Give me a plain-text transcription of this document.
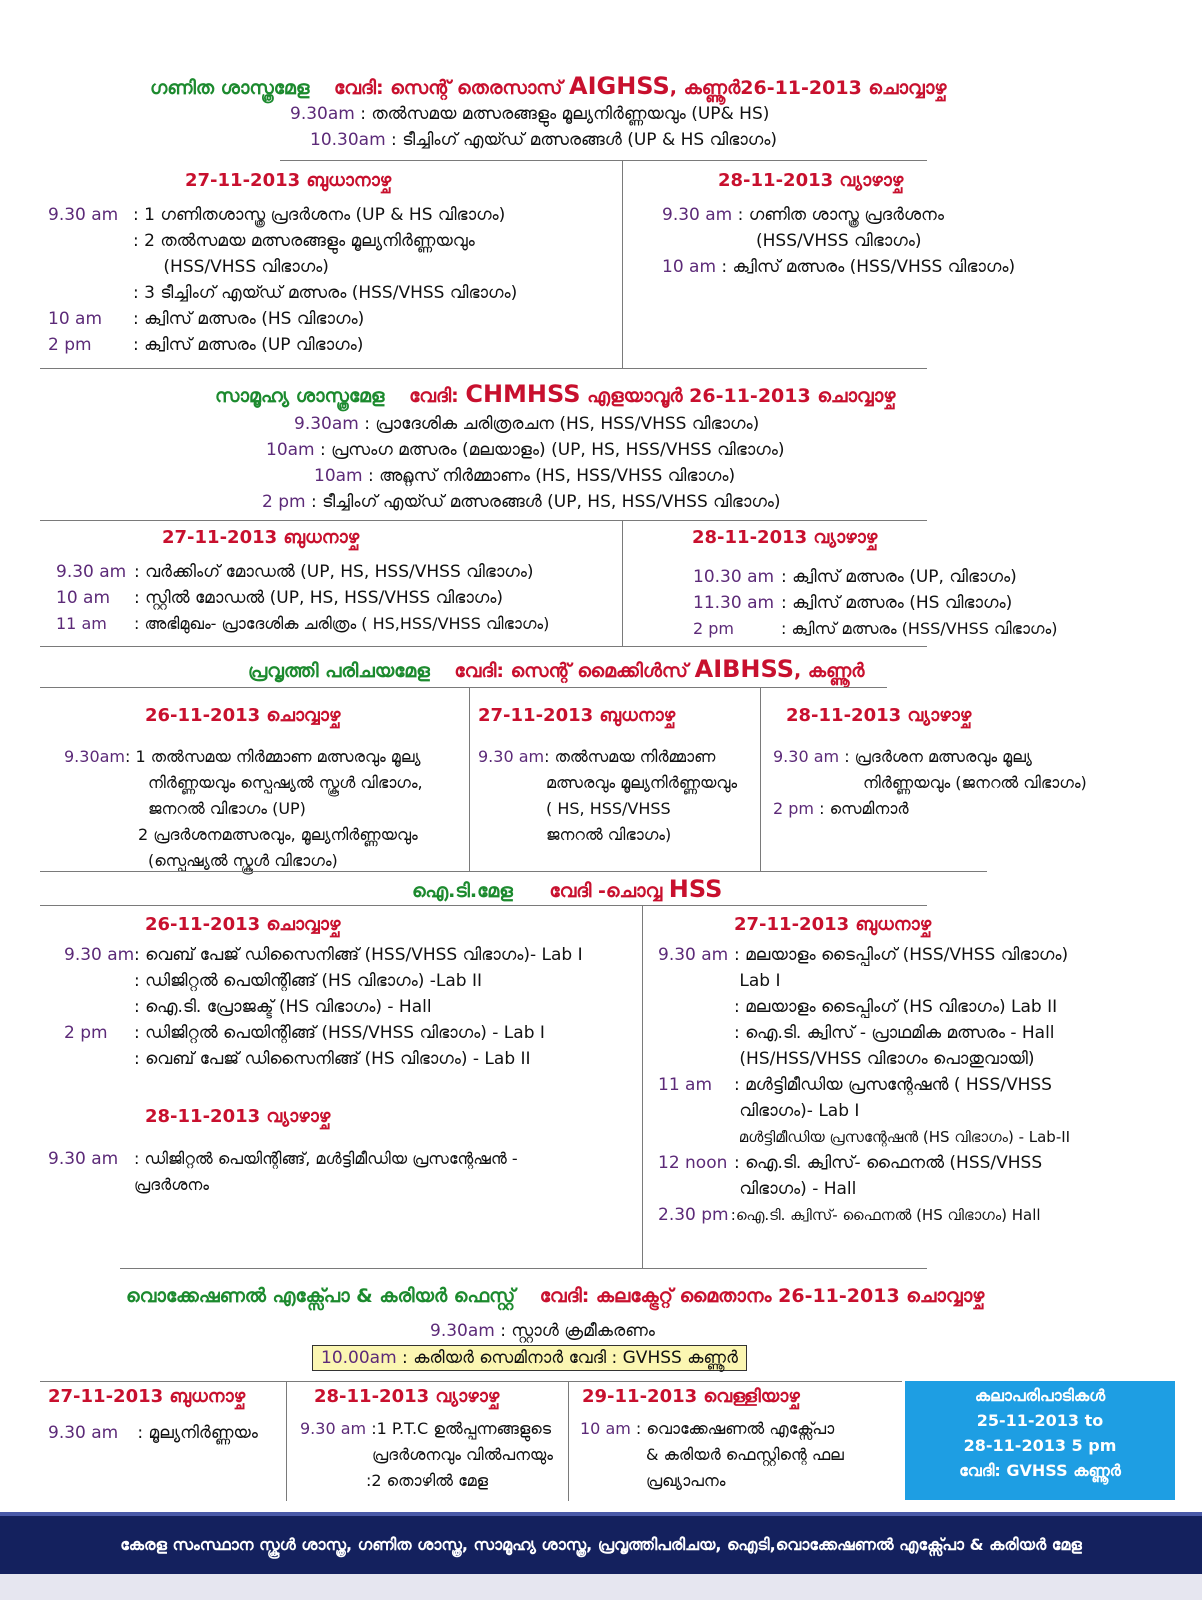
ഗണിത ശാസ്ത്രമേള വേദി: സെന്റ് തെരസാസ് AIGHSS, കണ്ണൂര്‍26-11-2013 ചൊവ്വാഴ്ച
9.30am : തല്‍സമയ മത്സരങ്ങളും മൂല്യനിര്‍ണ്ണയവും (UP& HS)
10.30am : ടീച്ചിംഗ് എയ്ഡ് മത്സരങ്ങള്‍ (UP & HS വിഭാഗം)
27-11-2013 ബുധാനാഴ്ച
9.30 am : 1 ഗണിതശാസ്ത്ര പ്രദര്‍ശനം (UP & HS വിഭാഗം)
: 2 തല്‍സമയ മത്സരങ്ങളും മൂല്യനിര്‍ണ്ണയവും
(HSS/VHSS വിഭാഗം)
: 3 ടീച്ചിംഗ് എയ്ഡ് മത്സരം (HSS/VHSS വിഭാഗം)
10 am : ക്വിസ് മത്സരം (HS വിഭാഗം)
2 pm : ക്വിസ് മത്സരം (UP വിഭാഗം)
28-11-2013 വ്യാഴാഴ്ച
9.30 am : ഗണിത ശാസ്ത്ര പ്രദര്‍ശനം
(HSS/VHSS വിഭാഗം)
10 am : ക്വിസ് മത്സരം (HSS/VHSS വിഭാഗം)
സാമൂഹ്യ ശാസ്ത്രമേള വേദി: CHMHSS എളയാവൂര്‍ 26-11-2013 ചൊവ്വാഴ്ച
9.30am : പ്രാദേശിക ചരിത്രരചന (HS, HSS/VHSS വിഭാഗം)
10am : പ്രസംഗ മത്സരം (മലയാളം) (UP, HS, HSS/VHSS വിഭാഗം)
10am : അറ്റ്ലസ് നിര്‍മ്മാണം (HS, HSS/VHSS വിഭാഗം)
2 pm : ടീച്ചിംഗ് എയ്ഡ് മത്സരങ്ങള്‍ (UP, HS, HSS/VHSS വിഭാഗം)
27-11-2013 ബുധനാഴ്ച
9.30 am : വര്‍ക്കിംഗ് മോഡല്‍ (UP, HS, HSS/VHSS വിഭാഗം)
10 am : സ്റ്റില്‍ മോഡല്‍ (UP, HS, HSS/VHSS വിഭാഗം)
11 am : അഭിമുഖം- പ്രാദേശിക ചരിത്രം ( HS,HSS/VHSS വിഭാഗം)
28-11-2013 വ്യാഴാഴ്ച
10.30 am : ക്വിസ് മത്സരം (UP, വിഭാഗം)
11.30 am : ക്വിസ് മത്സരം (HS വിഭാഗം)
2 pm	: ക്വിസ് മത്സരം (HSS/VHSS വിഭാഗം)
പ്രവൃത്തി പരിചയമേള വേദി: സെന്റ് മൈക്കിള്‍സ് AIBHSS, കണ്ണൂര്‍
26-11-2013 ചൊവ്വാഴ്ച
9.30am: 1 തല്‍സമയ നിര്‍മ്മാണ മത്സരവും മൂല്യ
നിര്‍ണ്ണയവും സ്പെഷ്യല്‍ സ്കൂള്‍ വിഭാഗം,
ജനറല്‍ വിഭാഗം (UP)
2 പ്രദര്‍ശനമത്സരവും, മൂല്യനിര്‍ണ്ണയവും
(സ്പെഷ്യല്‍ സ്കൂള്‍ വിഭാഗം)
27-11-2013 ബുധനാഴ്ച
9.30 am: തല്‍സമയ നിര്‍മ്മാണ
മത്സരവും മൂല്യനിര്‍ണ്ണയവും
( HS, HSS/VHSS
ജനറല്‍ വിഭാഗം)
28-11-2013 വ്യാഴാഴ്ച
9.30 am : പ്രദര്‍ശന മത്സരവും മൂല്യ
നിര്‍ണ്ണയവും (ജനറല്‍ വിഭാഗം)
2 pm : സെമിനാര്‍
ഐ.ടി.മേള വേദി -ചൊവ്വ HSS
26-11-2013 ചൊവ്വാഴ്ച
9.30 am: വെബ് പേജ് ഡിസൈനിങ്ങ് (HSS/VHSS വിഭാഗം)- Lab I
: ഡിജിറ്റല്‍ പെയിന്റിങ്ങ് (HS വിഭാഗം) -Lab II
: ഐ.ടി. പ്രോജക്ട് (HS വിഭാഗം) - Hall
2 pm : ഡിജിറ്റല്‍ പെയിന്റിങ്ങ് (HSS/VHSS വിഭാഗം) - Lab I
: വെബ് പേജ് ഡിസൈനിങ്ങ് (HS വിഭാഗം) - Lab II
28-11-2013 വ്യാഴാഴ്ച
9.30 am : ഡിജിറ്റല്‍ പെയിന്റിങ്ങ്, മള്‍ട്ടിമീഡിയ പ്രസന്റേഷന്‍ -
പ്രദര്‍ശനം
27-11-2013 ബുധനാഴ്ച
9.30 am : മലയാളം ടൈപ്പിംഗ് (HSS/VHSS വിഭാഗം)
Lab I
: മലയാളം ടൈപ്പിംഗ് (HS വിഭാഗം) Lab II
: ഐ.ടി. ക്വിസ് - പ്രാഥമിക മത്സരം - Hall
(HS/HSS/VHSS വിഭാഗം പൊതുവായി)
11 am : മള്‍ട്ടിമീഡിയ പ്രസന്റേഷന്‍ ( HSS/VHSS
വിഭാഗം)- Lab I
മള്‍ട്ടിമീഡിയ പ്രസന്റേഷന്‍ (HS വിഭാഗം) - Lab-II
12 noon : ഐ.ടി. ക്വിസ്- ഫൈനല്‍ (HSS/VHSS
വിഭാഗം) - Hall
2.30 pm :ഐ.ടി. ക്വിസ്- ഫൈനല്‍ (HS വിഭാഗം) Hall
വൊക്കേഷണല്‍ എക്സ്പോ & കരിയര്‍ ഫെസ്റ്റ് വേദി: കലക്ട്രേറ്റ് മൈതാനം 26-11-2013 ചൊവ്വാഴ്ച
9.30am : സ്റ്റാള്‍ ക്രമീകരണം
10.00am : കരിയര്‍ സെമിനാര്‍ വേദി : GVHSS കണ്ണൂര്‍
27-11-2013 ബുധനാഴ്ച
9.30 am : മൂല്യനിര്‍ണ്ണയം
28-11-2013 വ്യാഴാഴ്ച
9.30 am :1 P.T.C ഉല്‍പ്പന്നങ്ങളുടെ
പ്രദര്‍ശനവും വില്‍പനയും
:2 തൊഴില്‍ മേള
29-11-2013 വെള്ളിയാഴ്ച
10 am : വൊക്കേഷണല്‍ എക്സ്പോ
& കരിയര്‍ ഫെസ്റ്റിന്റെ ഫല
പ്രഖ്യാപനം
കലാപരിപാടികള്‍
25-11-2013 to
28-11-2013 5 pm
വേദി: GVHSS കണ്ണൂര്‍
കേരള സംസ്ഥാന സ്കൂള്‍ ശാസ്ത്ര, ഗണിത ശാസ്ത്ര, സാമൂഹ്യ ശാസ്ത്ര, പ്രവൃത്തിപരിചയ, ഐടി,വൊക്കേഷണല്‍ എക്സ്പോ & കരിയര്‍ മേള
